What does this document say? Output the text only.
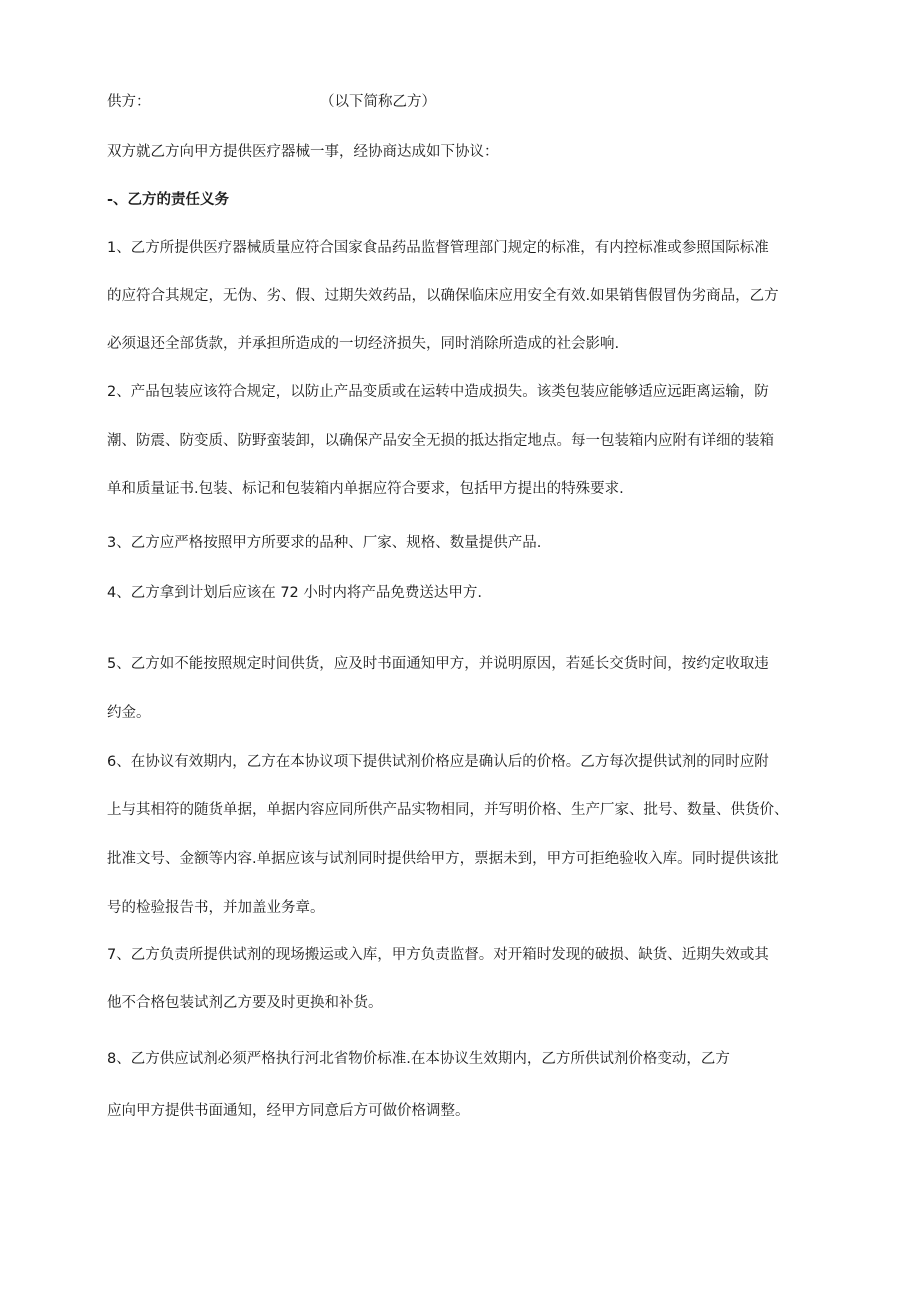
供方：	（以下简称乙方）
双方就乙方向甲方提供医疗器械一事，经协商达成如下协议：
-、乙方的责任义务
1、乙方所提供医疗器械质量应符合国家食品药品监督管理部门规定的标准，有内控标准或参照国际标准
的应符合其规定，无伪、劣、假、过期失效药品，以确保临床应用安全有效.如果销售假冒伪劣商品，乙方
必须退还全部货款，并承担所造成的一切经济损失，同时消除所造成的社会影响.
2、产品包装应该符合规定，以防止产品变质或在运转中造成损失。该类包装应能够适应远距离运输，防
潮、防震、防变质、防野蛮装卸，以确保产品安全无损的抵达指定地点。每一包装箱内应附有详细的装箱
单和质量证书.包装、标记和包装箱内单据应符合要求，包括甲方提出的特殊要求.
3、乙方应严格按照甲方所要求的品种、厂家、规格、数量提供产品.
4、乙方拿到计划后应该在 72 小时内将产品免费送达甲方.
5、乙方如不能按照规定时间供货，应及时书面通知甲方，并说明原因，若延长交货时间，按约定收取违
约金。
6、在协议有效期内，乙方在本协议项下提供试剂价格应是确认后的价格。乙方每次提供试剂的同时应附
上与其相符的随货单据，单据内容应同所供产品实物相同，并写明价格、生产厂家、批号、数量、供货价、
批准文号、金额等内容.单据应该与试剂同时提供给甲方，票据未到，甲方可拒绝验收入库。同时提供该批
号的检验报告书，并加盖业务章。
7、乙方负责所提供试剂的现场搬运或入库，甲方负责监督。对开箱时发现的破损、缺货、近期失效或其
他不合格包装试剂乙方要及时更换和补货。
8、乙方供应试剂必须严格执行河北省物价标准.在本协议生效期内，乙方所供试剂价格变动，乙方
应向甲方提供书面通知，经甲方同意后方可做价格调整。
